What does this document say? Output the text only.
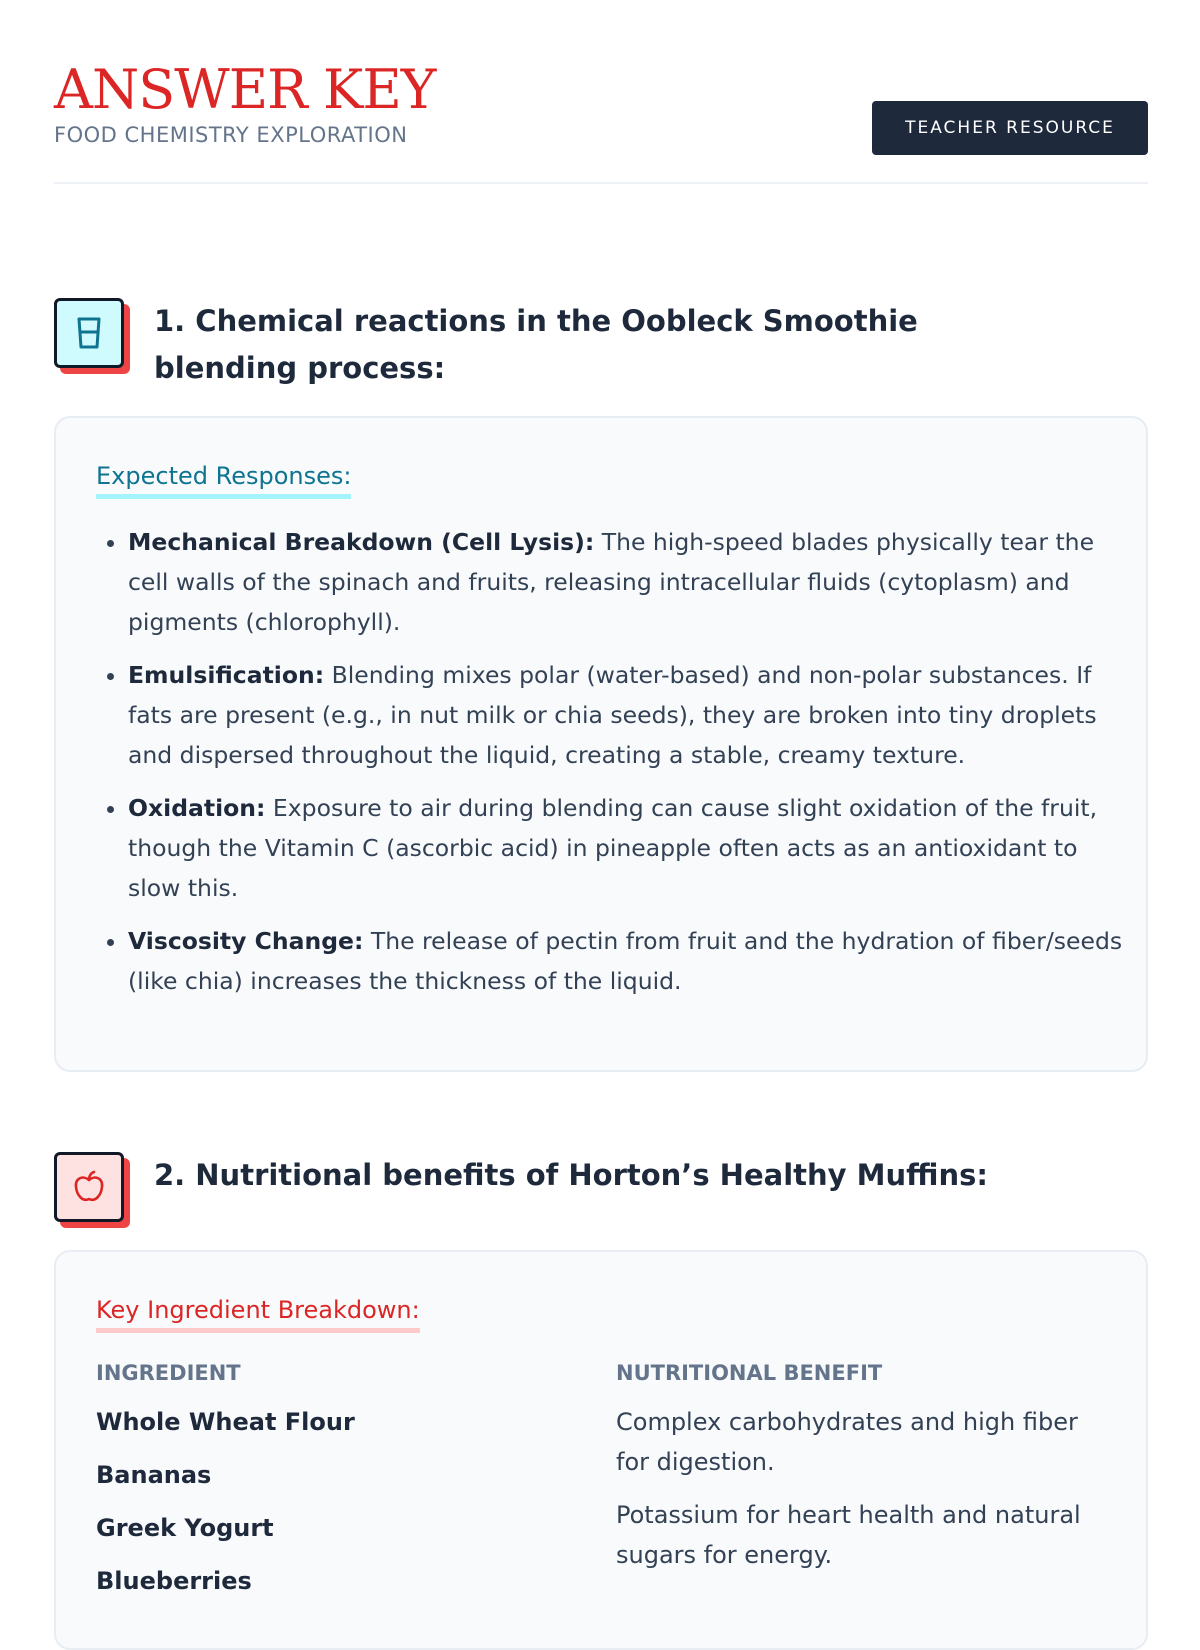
ANSWER KEY
FOOD CHEMISTRY EXPLORATION	TEACHER RESOURCE
1. Chemical reactions in the Oobleck Smoothie blending process:
Expected Responses:
• Mechanical Breakdown (Cell Lysis): The high-speed blades physically tear the cell walls of the spinach and fruits, releasing intracellular fluids (cytoplasm) and pigments (chlorophyll).
• Emulsification: Blending mixes polar (water-based) and non-polar substances. If fats are present (e.g., in nut milk or chia seeds), they are broken into tiny droplets and dispersed throughout the liquid, creating a stable, creamy texture.
• Oxidation: Exposure to air during blending can cause slight oxidation of the fruit, though the Vitamin C (ascorbic acid) in pineapple often acts as an antioxidant to slow this.
• Viscosity Change: The release of pectin from fruit and the hydration of fiber/seeds (like chia) increases the thickness of the liquid.
2. Nutritional benefits of Horton’s Healthy Muffins:
Key Ingredient Breakdown:
INGREDIENT	NUTRITIONAL BENEFIT
Whole Wheat Flour
Bananas
Greek Yogurt
Blueberries
Complex carbohydrates and high fiber for digestion.
Potassium for heart health and natural sugars for energy.
